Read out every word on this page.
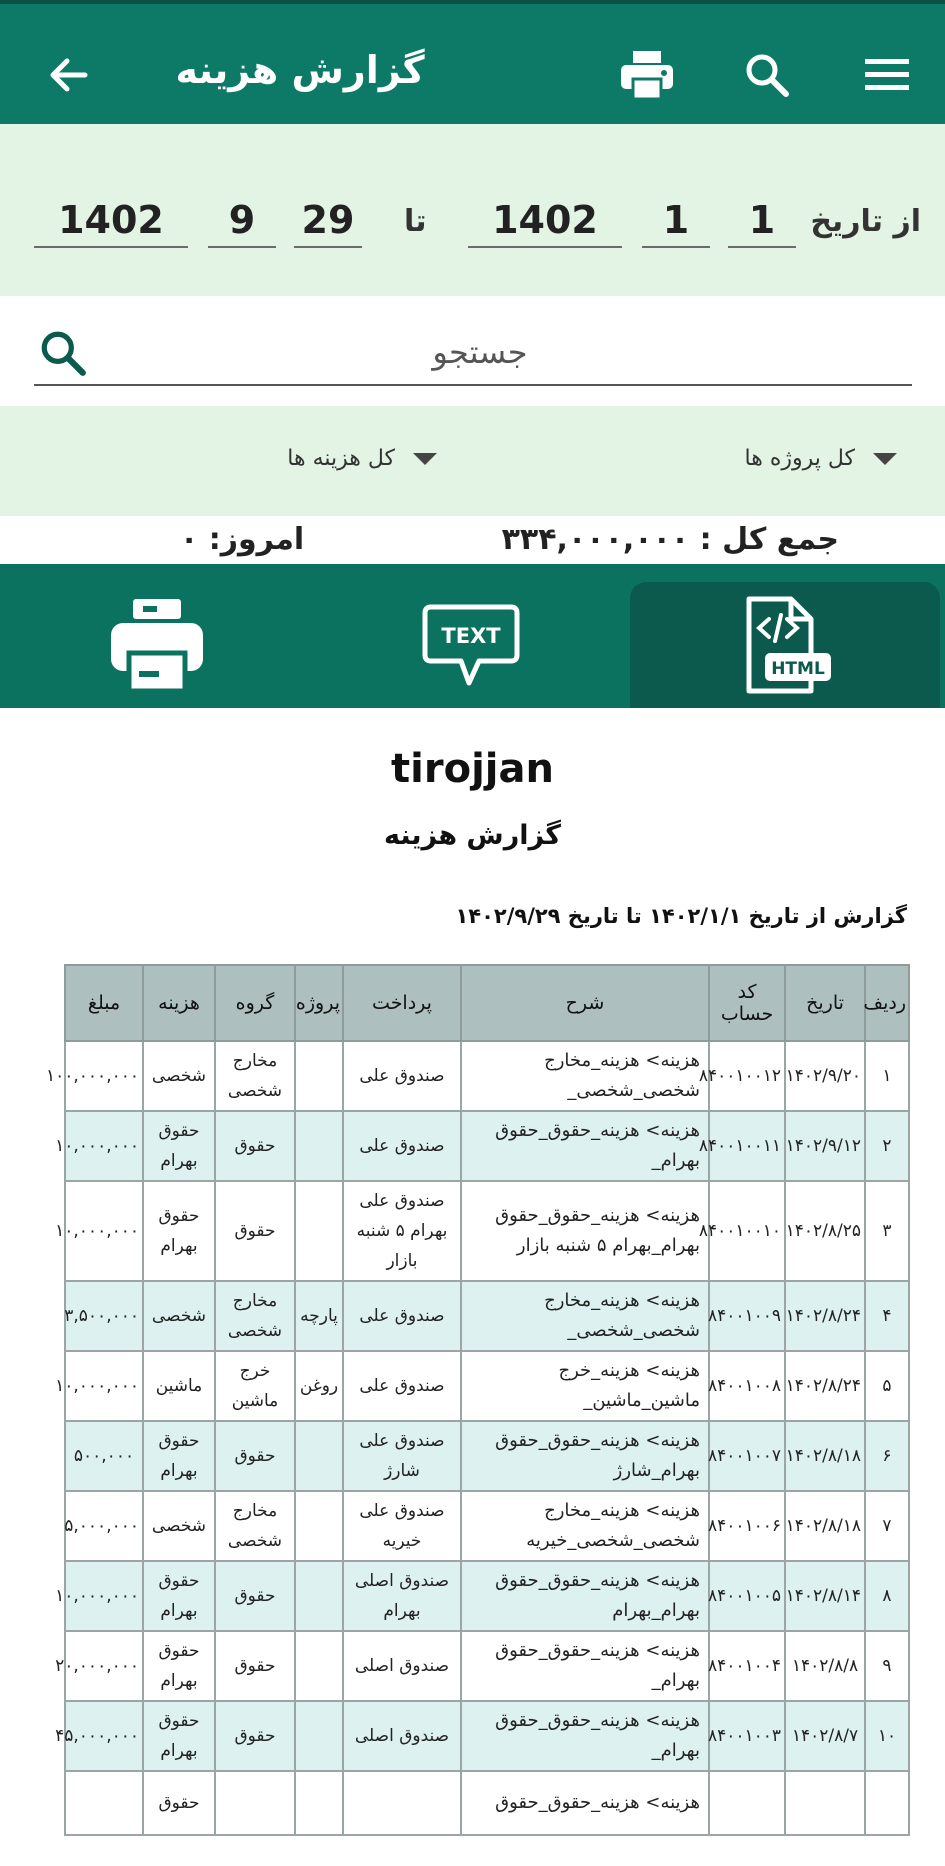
گزارش هزینه
از تاریخ
1
1
1402
تا
29
9
1402
جستجو
کل پروژه ها
کل هزینه ها
جمع کل : ۳۳۴,۰۰۰,۰۰۰
امروز: ۰
HTML
TEXT
tirojjan
گزارش هزینه
گزارش از تاریخ ۱۴۰۲/۱/۱ تا تاریخ ۱۴۰۲/۹/۲۹
ردیف	تاریخ	کد حساب	شرح	پرداخت	پروژه	گروه	هزینه	مبلغ
۱	۱۴۰۲/۹/۲۰	۸۴۰۰۱۰۰۱۲	هزینه> هزینه_مخارج شخصی_شخصی_	صندوق علی		مخارج شخصی	شخصی	۱۰۰,۰۰۰,۰۰۰
۲	۱۴۰۲/۹/۱۲	۸۴۰۰۱۰۰۱۱	هزینه> هزینه_حقوق_حقوق بهرام_	صندوق علی		حقوق	حقوق بهرام	۱۰,۰۰۰,۰۰۰
۳	۱۴۰۲/۸/۲۵	۸۴۰۰۱۰۰۱۰	هزینه> هزینه_حقوق_حقوق بهرام_بهرام ۵ شنبه بازار	صندوق علی بهرام ۵ شنبه بازار		حقوق	حقوق بهرام	۱۰,۰۰۰,۰۰۰
۴	۱۴۰۲/۸/۲۴	۸۴۰۰۱۰۰۹	هزینه> هزینه_مخارج شخصی_شخصی_	صندوق علی	پارچه	مخارج شخصی	شخصی	۳,۵۰۰,۰۰۰
۵	۱۴۰۲/۸/۲۴	۸۴۰۰۱۰۰۸	هزینه> هزینه_خرج ماشین_ماشین_	صندوق علی	روغن	خرج ماشین	ماشین	۱۰,۰۰۰,۰۰۰
۶	۱۴۰۲/۸/۱۸	۸۴۰۰۱۰۰۷	هزینه> هزینه_حقوق_حقوق بهرام_شارژ	صندوق علی شارژ		حقوق	حقوق بهرام	۵۰۰,۰۰۰
۷	۱۴۰۲/۸/۱۸	۸۴۰۰۱۰۰۶	هزینه> هزینه_مخارج شخصی_شخصی_خیریه	صندوق علی خیریه		مخارج شخصی	شخصی	۵,۰۰۰,۰۰۰
۸	۱۴۰۲/۸/۱۴	۸۴۰۰۱۰۰۵	هزینه> هزینه_حقوق_حقوق بهرام_بهرام	صندوق اصلی بهرام		حقوق	حقوق بهرام	۱۰,۰۰۰,۰۰۰
۹	۱۴۰۲/۸/۸	۸۴۰۰۱۰۰۴	هزینه> هزینه_حقوق_حقوق بهرام_	صندوق اصلی		حقوق	حقوق بهرام	۲۰,۰۰۰,۰۰۰
۱۰	۱۴۰۲/۸/۷	۸۴۰۰۱۰۰۳	هزینه> هزینه_حقوق_حقوق بهرام_	صندوق اصلی		حقوق	حقوق بهرام	۴۵,۰۰۰,۰۰۰
			هزینه> هزینه_حقوق_حقوق				حقوق	
